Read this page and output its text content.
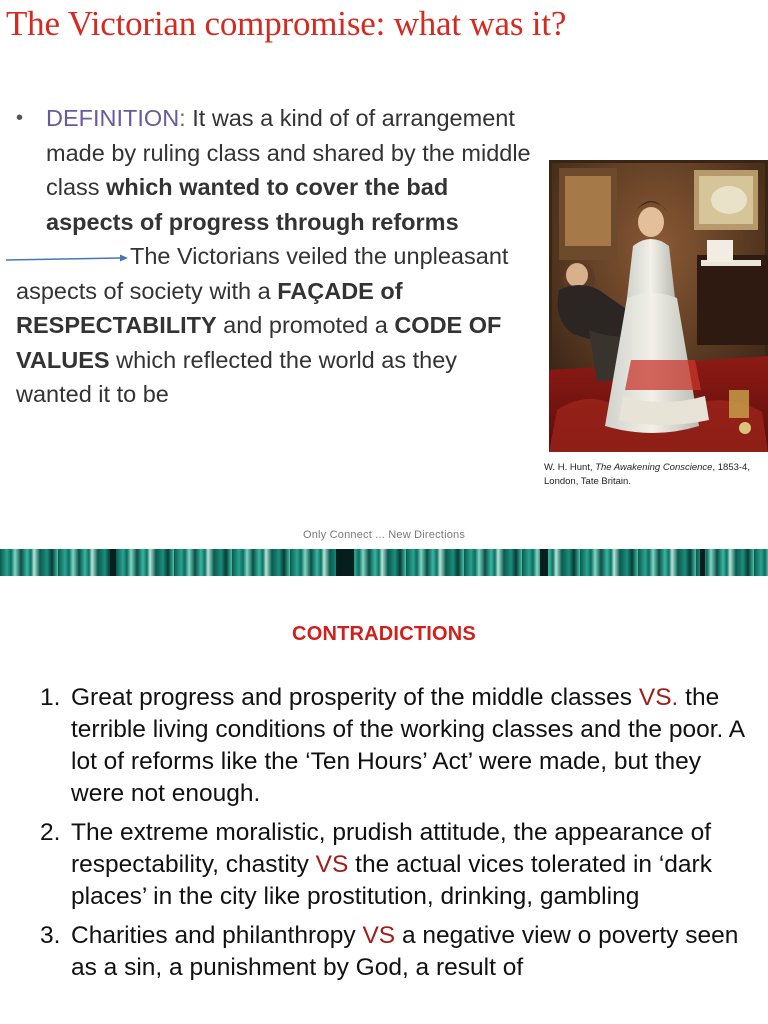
The Victorian compromise: what was it?
• DEFINITION: It was a kind of of arrangement made by ruling class and shared by the middle class which wanted to cover the bad aspects of progress through reforms
The Victorians veiled the unpleasant aspects of society with a FAÇADE of RESPECTABILITY and promoted a CODE OF VALUES which reflected the world as they wanted it to be
W. H. Hunt, The Awakening Conscience, 1853-4, London, Tate Britain.
Only Connect ... New Directions
CONTRADICTIONS
1. Great progress and prosperity of the middle classes VS. the terrible living conditions of the working classes and the poor. A lot of reforms like the ‘Ten Hours’ Act’ were made, but they were not enough.
2. The extreme moralistic, prudish attitude, the appearance of respectability, chastity VS the actual vices tolerated in ‘dark places’ in the city like prostitution, drinking, gambling
3. Charities and philanthropy VS a negative view o poverty seen as a sin, a punishment by God, a result of
